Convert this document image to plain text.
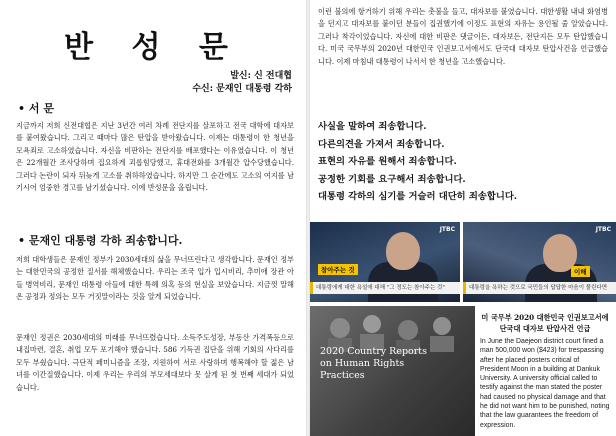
반 성 문
발신: 신 전대협
수신: 문재인 대통령 각하
• 서 문
지금까지 저희 신전대협은 지난 3년간 여러 차례 전단지를 살포하고 전국 대학에 대자보를 붙여왔습니다. 그리고 때마다 많은 탄압을 받아왔습니다. 이제는 대통령이 한 청년을 모욕죄로 고소하였습니다. 자신을 비판하는 전단지를 배포했다는 이유였습니다. 이 청년은 22개월간 조사당하며 집요하게 괴롭힘당했고, 휴대전화를 3개월간 압수당했습니다. 그러다 논란이 되자 뒤늦게 고소를 취하하였습니다. 하지만 그 순간에도 고소의 여지를 남기시어 엄중한 경고를 남기셨습니다. 이에 반성문을 올립니다.
• 문재인 대통령 각하 죄송합니다.
저희 대학생들은 문재인 정부가 2030세대의 삶을 무너뜨린다고 생각합니다. 문재인 정부는 대한민국의 공정한 질서를 해체했습니다. 우리는 조국 입가 입시비리, 추미애 장관 아들 병역비리, 문재인 대통령 아들에 대한 특혜 의혹 등의 현실을 보았습니다. 지금껏 말해온 공정과 정의는 모두 거짓말이라는 것을 알게 되었습니다.
문재인 정권은 2030세대의 미래를 무너뜨렸습니다. 소득주도성장, 부동산 가격폭등으로 내집마련, 결혼, 취업 모두 포기해야 했습니다. 586 기득권 집단을 위해 기회의 사다리를 모두 부쉈습니다. 극단적 페미니즘을 조장, 지원하여 서로 사랑하며 행복해야 할 젊은 남녀를 이간질했습니다. 이제 우리는 우리의 부모세대보다 못 살게 된 첫 번째 세대가 되었습니다.
이런 불의에 항거하기 위해 우리는 촛불을 들고, 대자보를 붙였습니다. 대한생활 내내 화염병을 던지고 대자보를 붙이던 분들이 집권했기에 이정도 표현의 자유는 용인될 줄 알았습니다. 그러나 착각이었습니다. 자신에 대한 비판은 댓글이든, 대자보든, 전단지든 모두 탄압했습니다. 미국 국무부의 2020년 대한민국 인권보고서에서도 단국대 대자보 탄압사건을 언급했습니다. 이제 마침내 대통령이 나서서 한 청년을 고소했습니다.
사실을 말하여 죄송합니다.
다른의견을 가져서 죄송합니다.
표현의 자유를 원해서 죄송합니다.
공정한 기회를 요구해서 죄송합니다.
대통령 각하의 심기를 거슬러 대단히 죄송합니다.
JTBC
참아주는 것
대통령에게 대한 욕설에 대해 "그 정도는 참아주는 것"
JTBC
이해
대통령을 욕하는 것으로 국민들의 답답한 마음이 풀린다면
2020 Country Reports on Human Rights Practices
미 국무부 2020 대한민국 인권보고서에 단국대 대자보 탄압사건 언급
In June the Daejeon district court fined a man 500,000 won ($423) for trespassing after he placed posters critical of President Moon in a building at Dankuk University. A university official called to testify against the man stated the poster had caused no physical damage and that he did not want him to be punished, noting that the law guarantees the freedom of expression.
